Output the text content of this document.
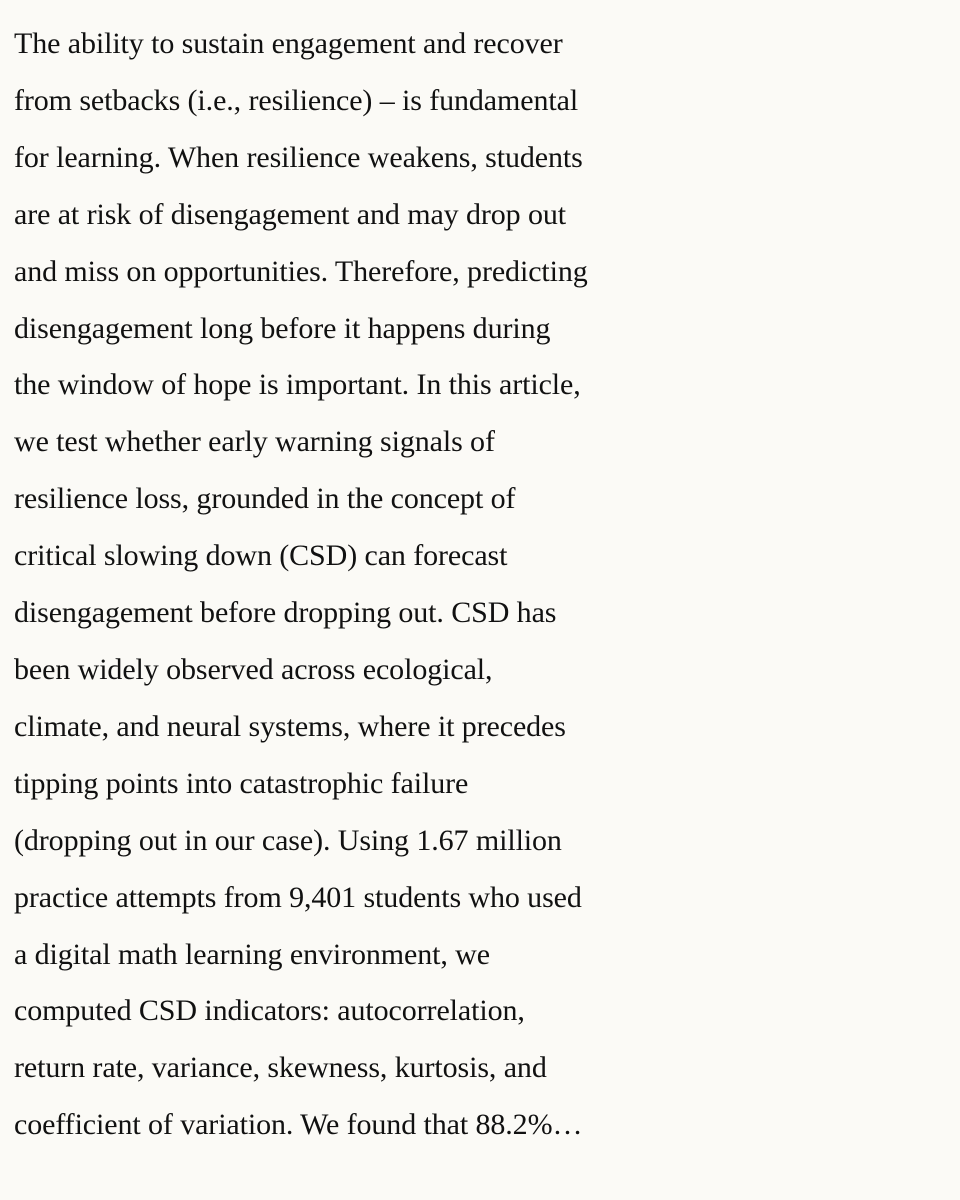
The ability to sustain engagement and recover
from setbacks (i.e., resilience) – is fundamental
for learning. When resilience weakens, students
are at risk of disengagement and may drop out
and miss on opportunities. Therefore, predicting
disengagement long before it happens during
the window of hope is important. In this article,
we test whether early warning signals of
resilience loss, grounded in the concept of
critical slowing down (CSD) can forecast
disengagement before dropping out. CSD has
been widely observed across ecological,
climate, and neural systems, where it precedes
tipping points into catastrophic failure
(dropping out in our case). Using 1.67 million
practice attempts from 9,401 students who used
a digital math learning environment, we
computed CSD indicators: autocorrelation,
return rate, variance, skewness, kurtosis, and
coefficient of variation. We found that 88.2%…
